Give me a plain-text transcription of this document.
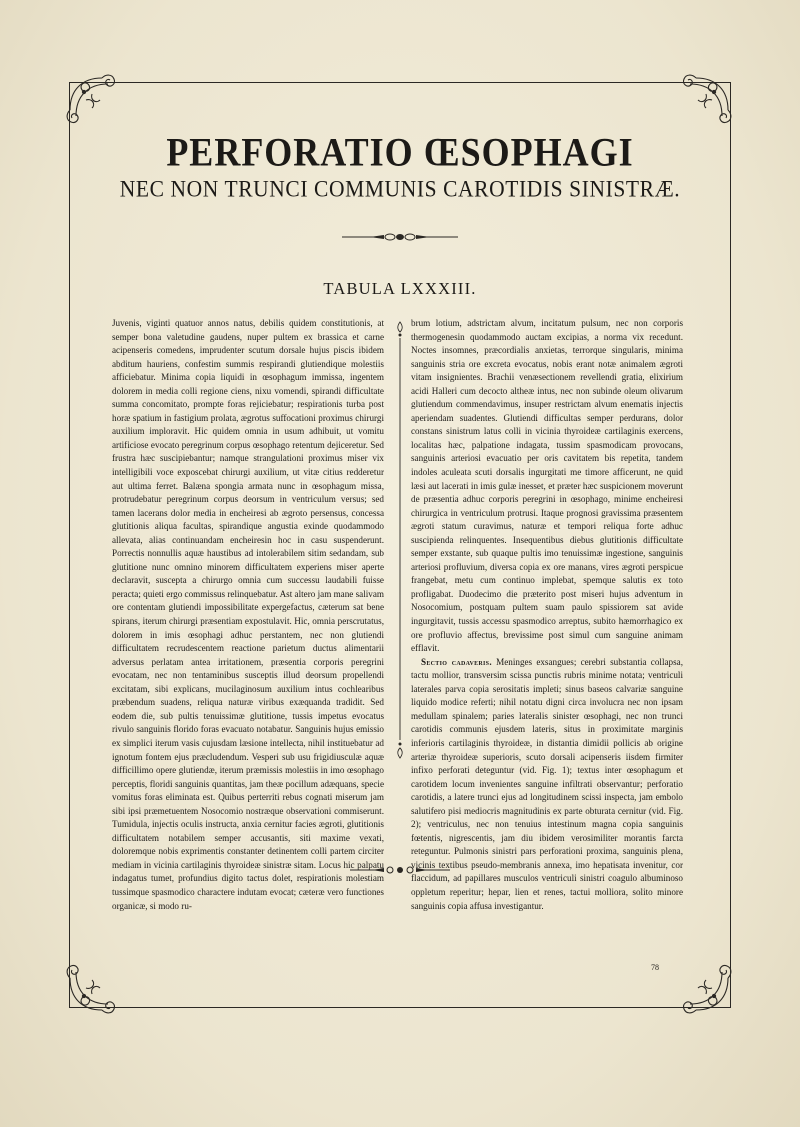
PERFORATIO ŒSOPHAGI
NEC NON TRUNCI COMMUNIS CAROTIDIS SINISTRÆ.
TABULA LXXXIII.

Juvenis, viginti quatuor annos natus, debilis quidem constitutionis, at semper bona valetudine gaudens, nuper pultem ex brassica et carne acipenseris comedens, imprudenter scutum dorsale hujus piscis ibidem abditum hauriens, confestim summis respirandi glutiendique molestiis afficiebatur. Minima copia liquidi in œsophagum immissa, ingentem dolorem in media colli regione ciens, nixu vomendi, spirandi difficultate summa concomitato, prompte foras rejiciebatur; respirationis turba post horæ spatium in fastigium prolata, ægrotus suffocationi proximus chirurgi auxilium imploravit. Hic quidem omnia in usum adhibuit, ut vomitu artificiose evocato peregrinum corpus œsophago retentum dejiceretur. Sed frustra hæc suscipiebantur; namque strangulationi proximus miser vix intelligibili voce exposcebat chirurgi auxilium, ut vitæ citius redderetur aut ultima ferret. Balæna spongia armata nunc in œsophagum missa, protrudebatur peregrinum corpus deorsum in ventriculum versus; sed tamen lacerans dolor media in encheiresi ab ægroto persensus, concessa glutitionis aliqua facultas, spirandique angustia exinde quodammodo allevata, alias continuandam encheiresin hoc in casu suspenderunt. Porrectis nonnullis aquæ haustibus ad intolerabilem sitim sedandam, sub glutitione nunc omnino minorem difficultatem experiens miser aperte declaravit, suscepta a chirurgo omnia cum successu laudabili fuisse peracta; quieti ergo commissus relinquebatur. Ast altero jam mane salivam ore contentam glutiendi impossibilitate expergefactus, cæterum sat bene spirans, iterum chirurgi præsentiam expostulavit. Hic, omnia perscrutatus, dolorem in imis œsophagi adhuc perstantem, nec non glutiendi difficultatem recrudescentem reactione parietum ductus alimentarii adversus perlatam antea irritationem, præsentia corporis peregrini evocatam, nec non tentaminibus susceptis illud deorsum propellendi excitatam, sibi explicans, mucilaginosum auxilium intus cochlearibus præbendum suadens, reliqua naturæ viribus exæquanda tradidit. Sed eodem die, sub pultis tenuissimæ glutitione, tussis impetus evocatus rivulo sanguinis florido foras evacuato notabatur. Sanguinis hujus emissio ex simplici iterum vasis cujusdam læsione intellecta, nihil instituebatur ad ignotum fontem ejus præcludendum. Vesperi sub usu frigidiusculæ aquæ difficillimo opere glutiendæ, iterum præmissis molestiis in imo œsophago perceptis, floridi sanguinis quantitas, jam theæ pocillum adæquans, specie vomitus foras eliminata est. Quibus perterriti rebus cognati miserum jam sibi ipsi præmetuentem Nosocomio nostræque observationi commiserunt. Tumidula, injectis oculis instructa, anxia cernitur facies ægroti, glutitionis difficultatem notabilem semper accusantis, siti maxime vexati, doloremque nobis exprimentis constanter detinentem colli partem circiter mediam in vicinia cartilaginis thyroideæ sinistræ sitam. Locus hic palpatu indagatus tumet, profundius digito tactus dolet, respirationis molestiam tussimque spasmodico charactere indutam evocat; cæteræ vero functiones organicæ, si modo ru-

brum lotium, adstrictam alvum, incitatum pulsum, nec non corporis thermogenesin quodammodo auctam excipias, a norma vix recedunt. Noctes insomnes, præcordialis anxietas, terrorque singularis, minima sanguinis stria ore excreta evocatus, nobis erant notæ animalem ægroti vitam insignientes. Brachii venæsectionem revellendi gratia, elixirium acidi Halleri cum decocto altheæ intus, nec non subinde oleum olivarum glutiendum commendavimus, insuper restrictam alvum enematis injectis aperiendam suadentes. Glutiendi difficultas semper perdurans, dolor constans sinistrum latus colli in vicinia thyroideæ cartilaginis exercens, localitas hæc, palpatione indagata, tussim spasmodicam provocans, sanguinis arteriosi evacuatio per oris cavitatem bis repetita, tandem indoles aculeata scuti dorsalis ingurgitati me timore afficerunt, ne quid læsi aut lacerati in imis gulæ inesset, et præter hæc suspicionem moverunt de præsentia adhuc corporis peregrini in œsophago, minime encheiresi chirurgica in ventriculum protrusi. Itaque prognosi gravissima præsentem ægroti statum curavimus, naturæ et tempori reliqua forte adhuc suscipienda relinquentes. Insequentibus diebus glutitionis difficultate semper exstante, sub quaque pultis imo tenuissimæ ingestione, sanguinis arteriosi profluvium, diversa copia ex ore manans, vires ægroti perspicue frangebat, metu cum continuo implebat, spemque salutis ex toto profligabat. Duodecimo die præterito post miseri hujus adventum in Nosocomium, postquam pultem suam paulo spissiorem sat avide ingurgitavit, tussis accessu spasmodico arreptus, subito hæmorrhagico ex ore profluvio affectus, brevissime post simul cum sanguine animam efflavit.

Sectio cadaveris. Meninges exsangues; cerebri substantia collapsa, tactu mollior, transversim scissa punctis rubris minime notata; ventriculi laterales parva copia serositatis impleti; sinus baseos calvariæ sanguine liquido modice referti; nihil notatu digni circa involucra nec non ipsam medullam spinalem; paries lateralis sinister œsophagi, nec non trunci carotidis communis ejusdem lateris, situs in proximitate marginis inferioris cartilaginis thyroideæ, in distantia dimidii pollicis ab origine arteriæ thyroideæ superioris, scuto dorsali acipenseris iisdem firmiter infixo perforati deteguntur (vid. Fig. 1); textus inter œsophagum et carotidem locum invenientes sanguine infiltrati observantur; perforatio carotidis, a latere trunci ejus ad longitudinem scissi inspecta, jam embolo salutifero pisi mediocris magnitudinis ex parte obturata cernitur (vid. Fig. 2); ventriculus, nec non tenuius intestinum magna copia sanguinis fœtentis, nigrescentis, jam diu ibidem verosimiliter morantis farcta reteguntur. Pulmonis sinistri pars perforationi proxima, sanguinis plena, vicinis textibus pseudo-membranis annexa, imo hepatisata invenitur, cor flaccidum, ad papillares musculos ventriculi sinistri coagulo albuminoso oppletum reperitur; hepar, lien et renes, tactui molliora, solito minore sanguinis copia affusa investigantur.

78
